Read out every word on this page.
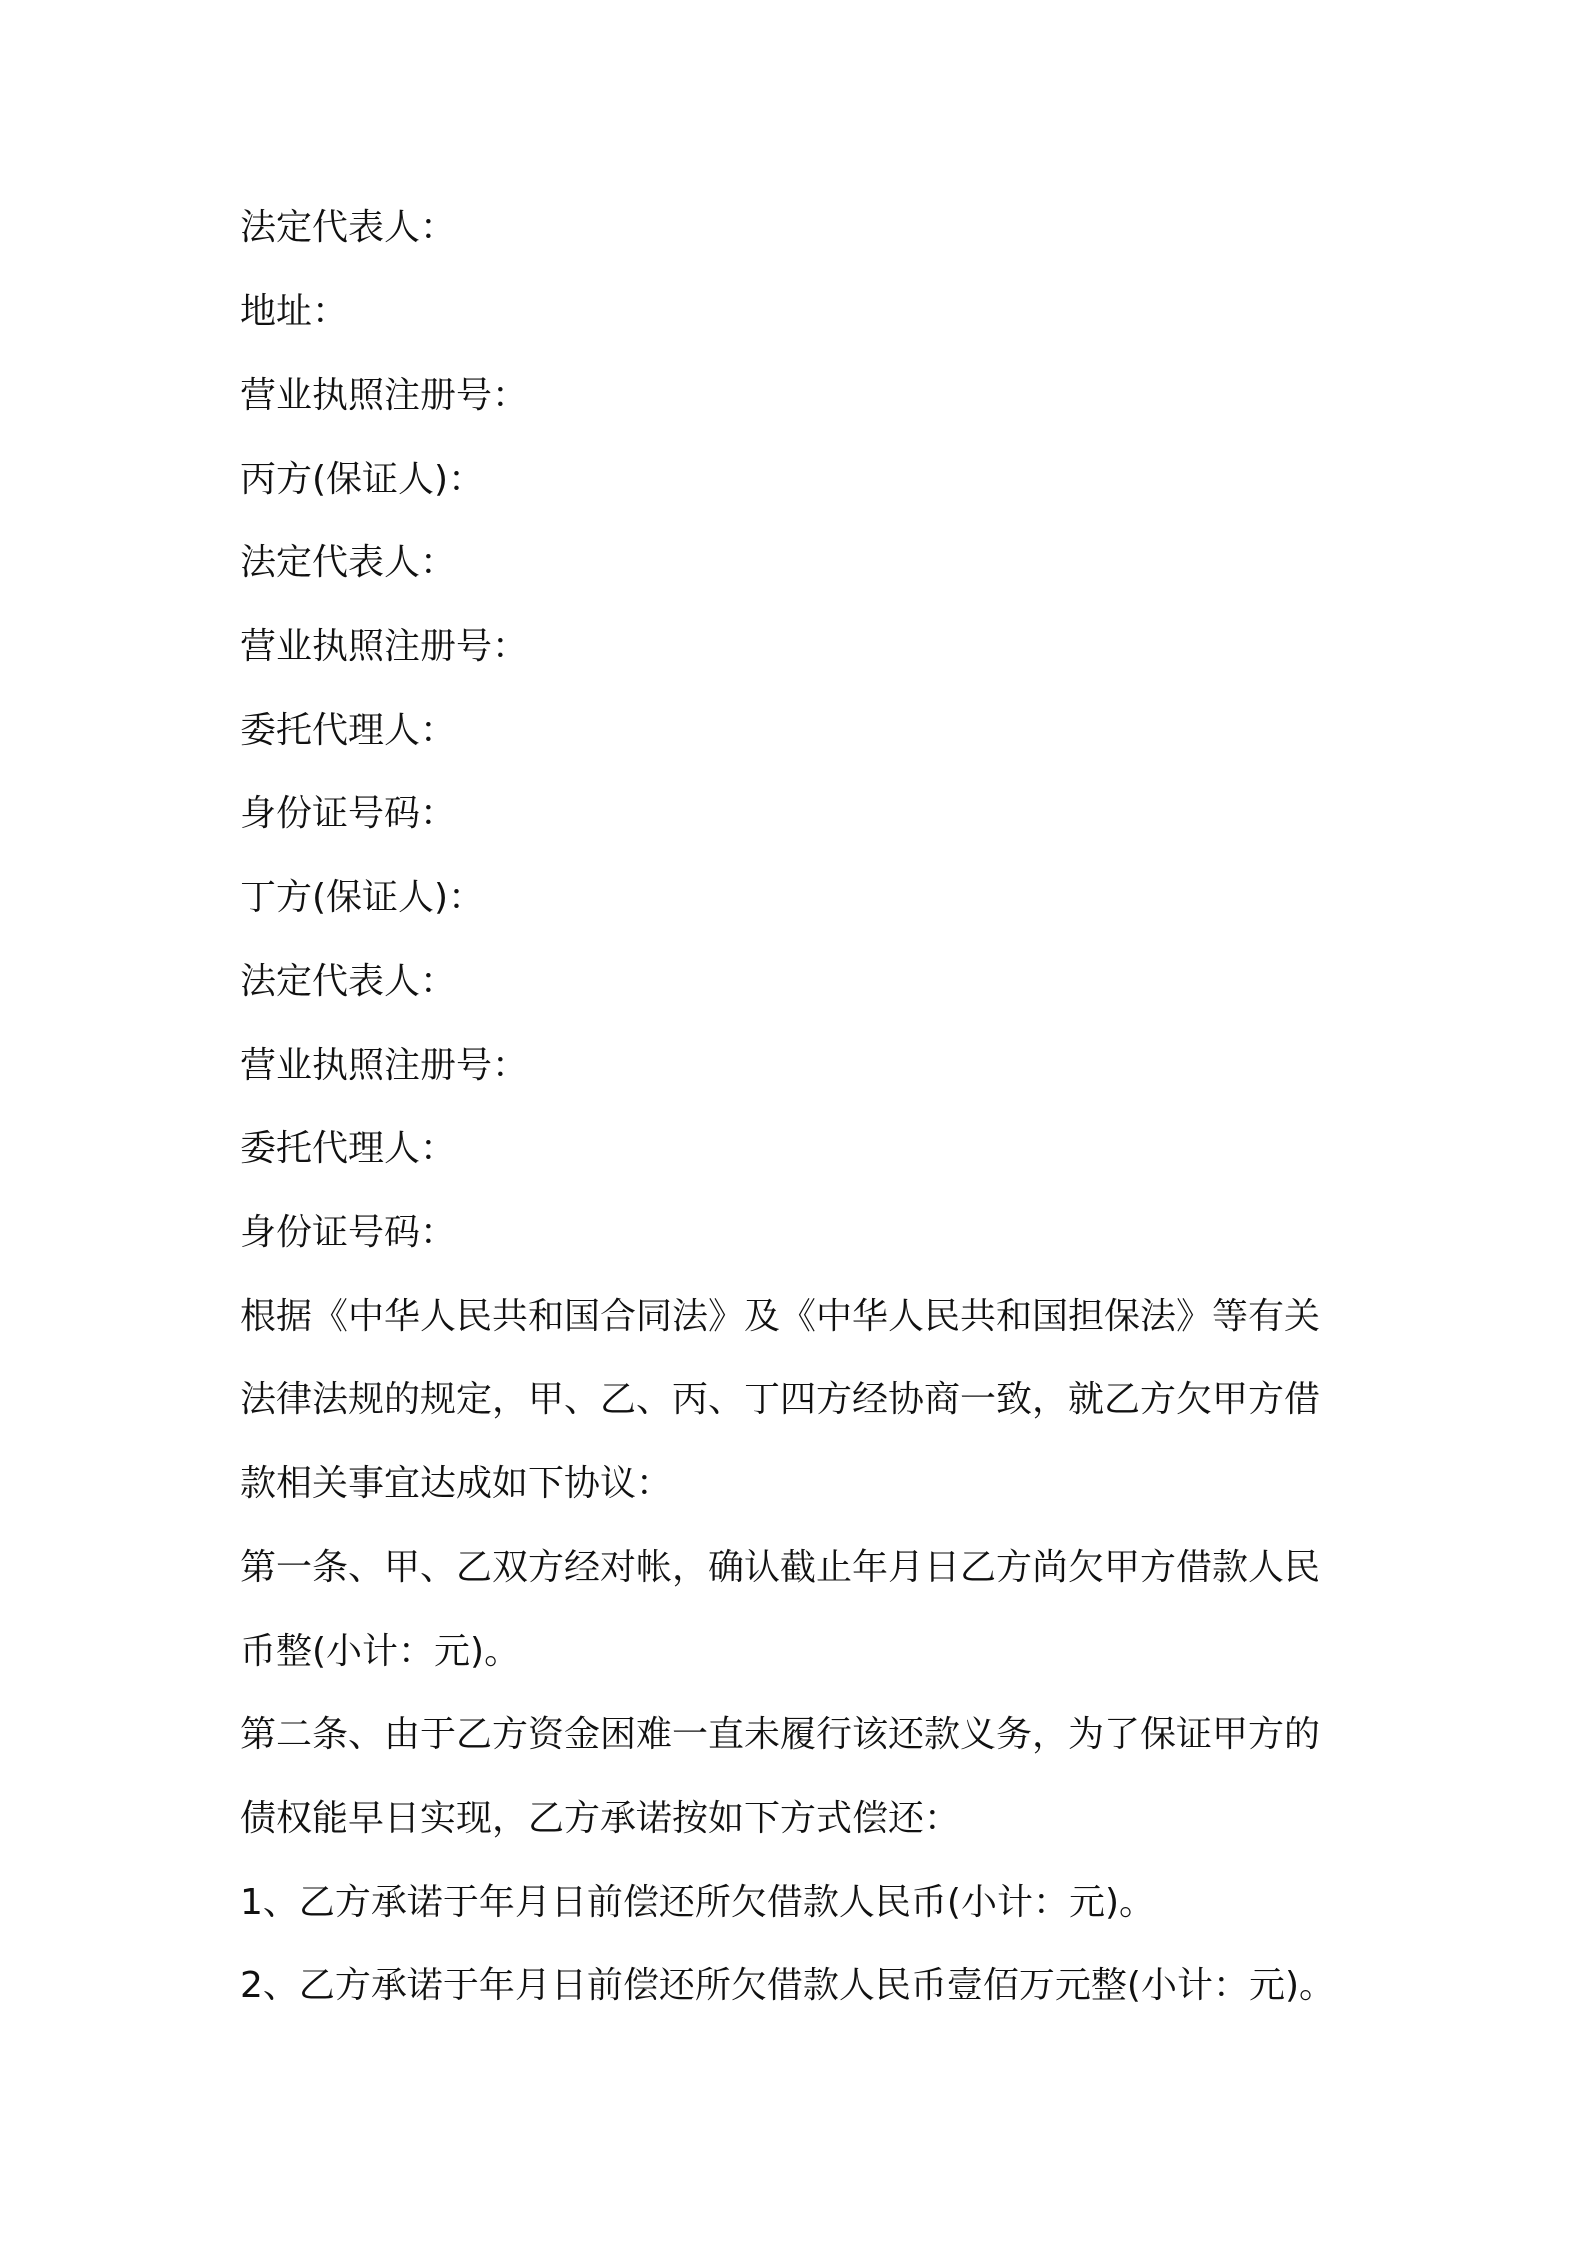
法定代表人：
地址：
营业执照注册号：
丙方(保证人)：
法定代表人：
营业执照注册号：
委托代理人：
身份证号码：
丁方(保证人)：
法定代表人：
营业执照注册号：
委托代理人：
身份证号码：
根据《中华人民共和国合同法》及《中华人民共和国担保法》等有关
法律法规的规定，甲、乙、丙、丁四方经协商一致，就乙方欠甲方借
款相关事宜达成如下协议：
第一条、甲、乙双方经对帐，确认截止年月日乙方尚欠甲方借款人民
币整(小计：元)。
第二条、由于乙方资金困难一直未履行该还款义务，为了保证甲方的
债权能早日实现，乙方承诺按如下方式偿还：
1、乙方承诺于年月日前偿还所欠借款人民币(小计：元)。
2、乙方承诺于年月日前偿还所欠借款人民币壹佰万元整(小计：元)。
